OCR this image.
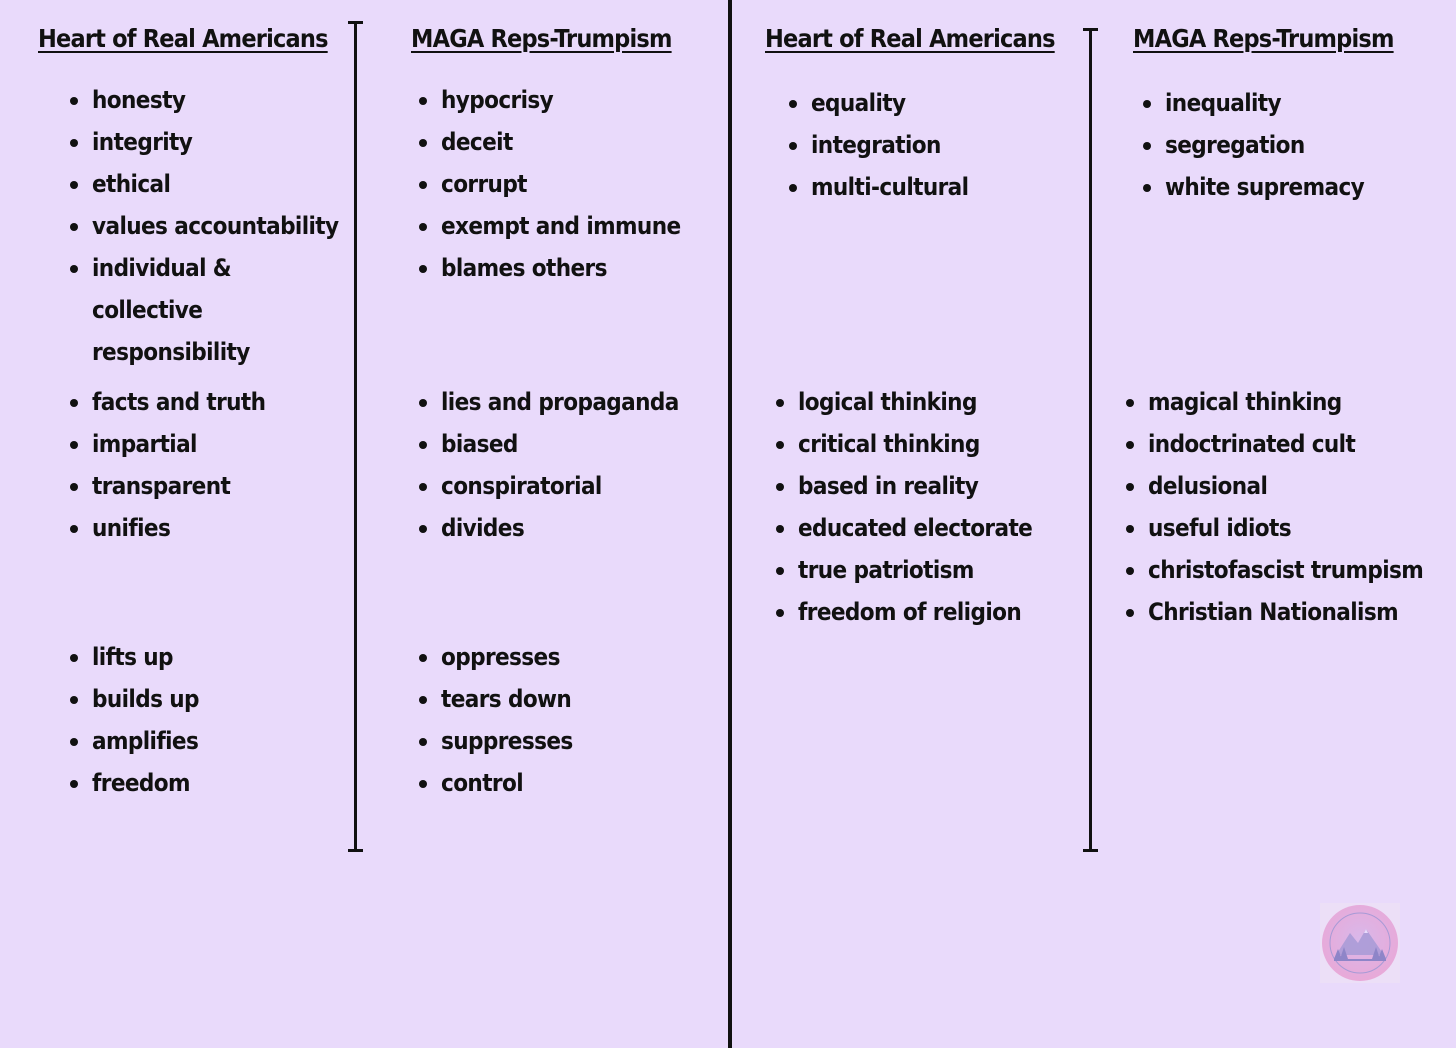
Heart of Real Americans	MAGA Reps-Trumpism
honesty
integrity
ethical
values accountability
individual & collective responsibility
facts and truth
impartial
transparent
unifies
lifts up
builds up
amplifies
freedom
hypocrisy
deceit
corrupt
exempt and immune
blames others
lies and propaganda
biased
conspiratorial
divides
oppresses
tears down
suppresses
control
Heart of Real Americans	MAGA Reps-Trumpism
equality
integration
multi-cultural
logical thinking
critical thinking
based in reality
educated electorate
true patriotism
freedom of religion
inequality
segregation
white supremacy
magical thinking
indoctrinated cult
delusional
useful idiots
christofascist trumpism
Christian Nationalism
